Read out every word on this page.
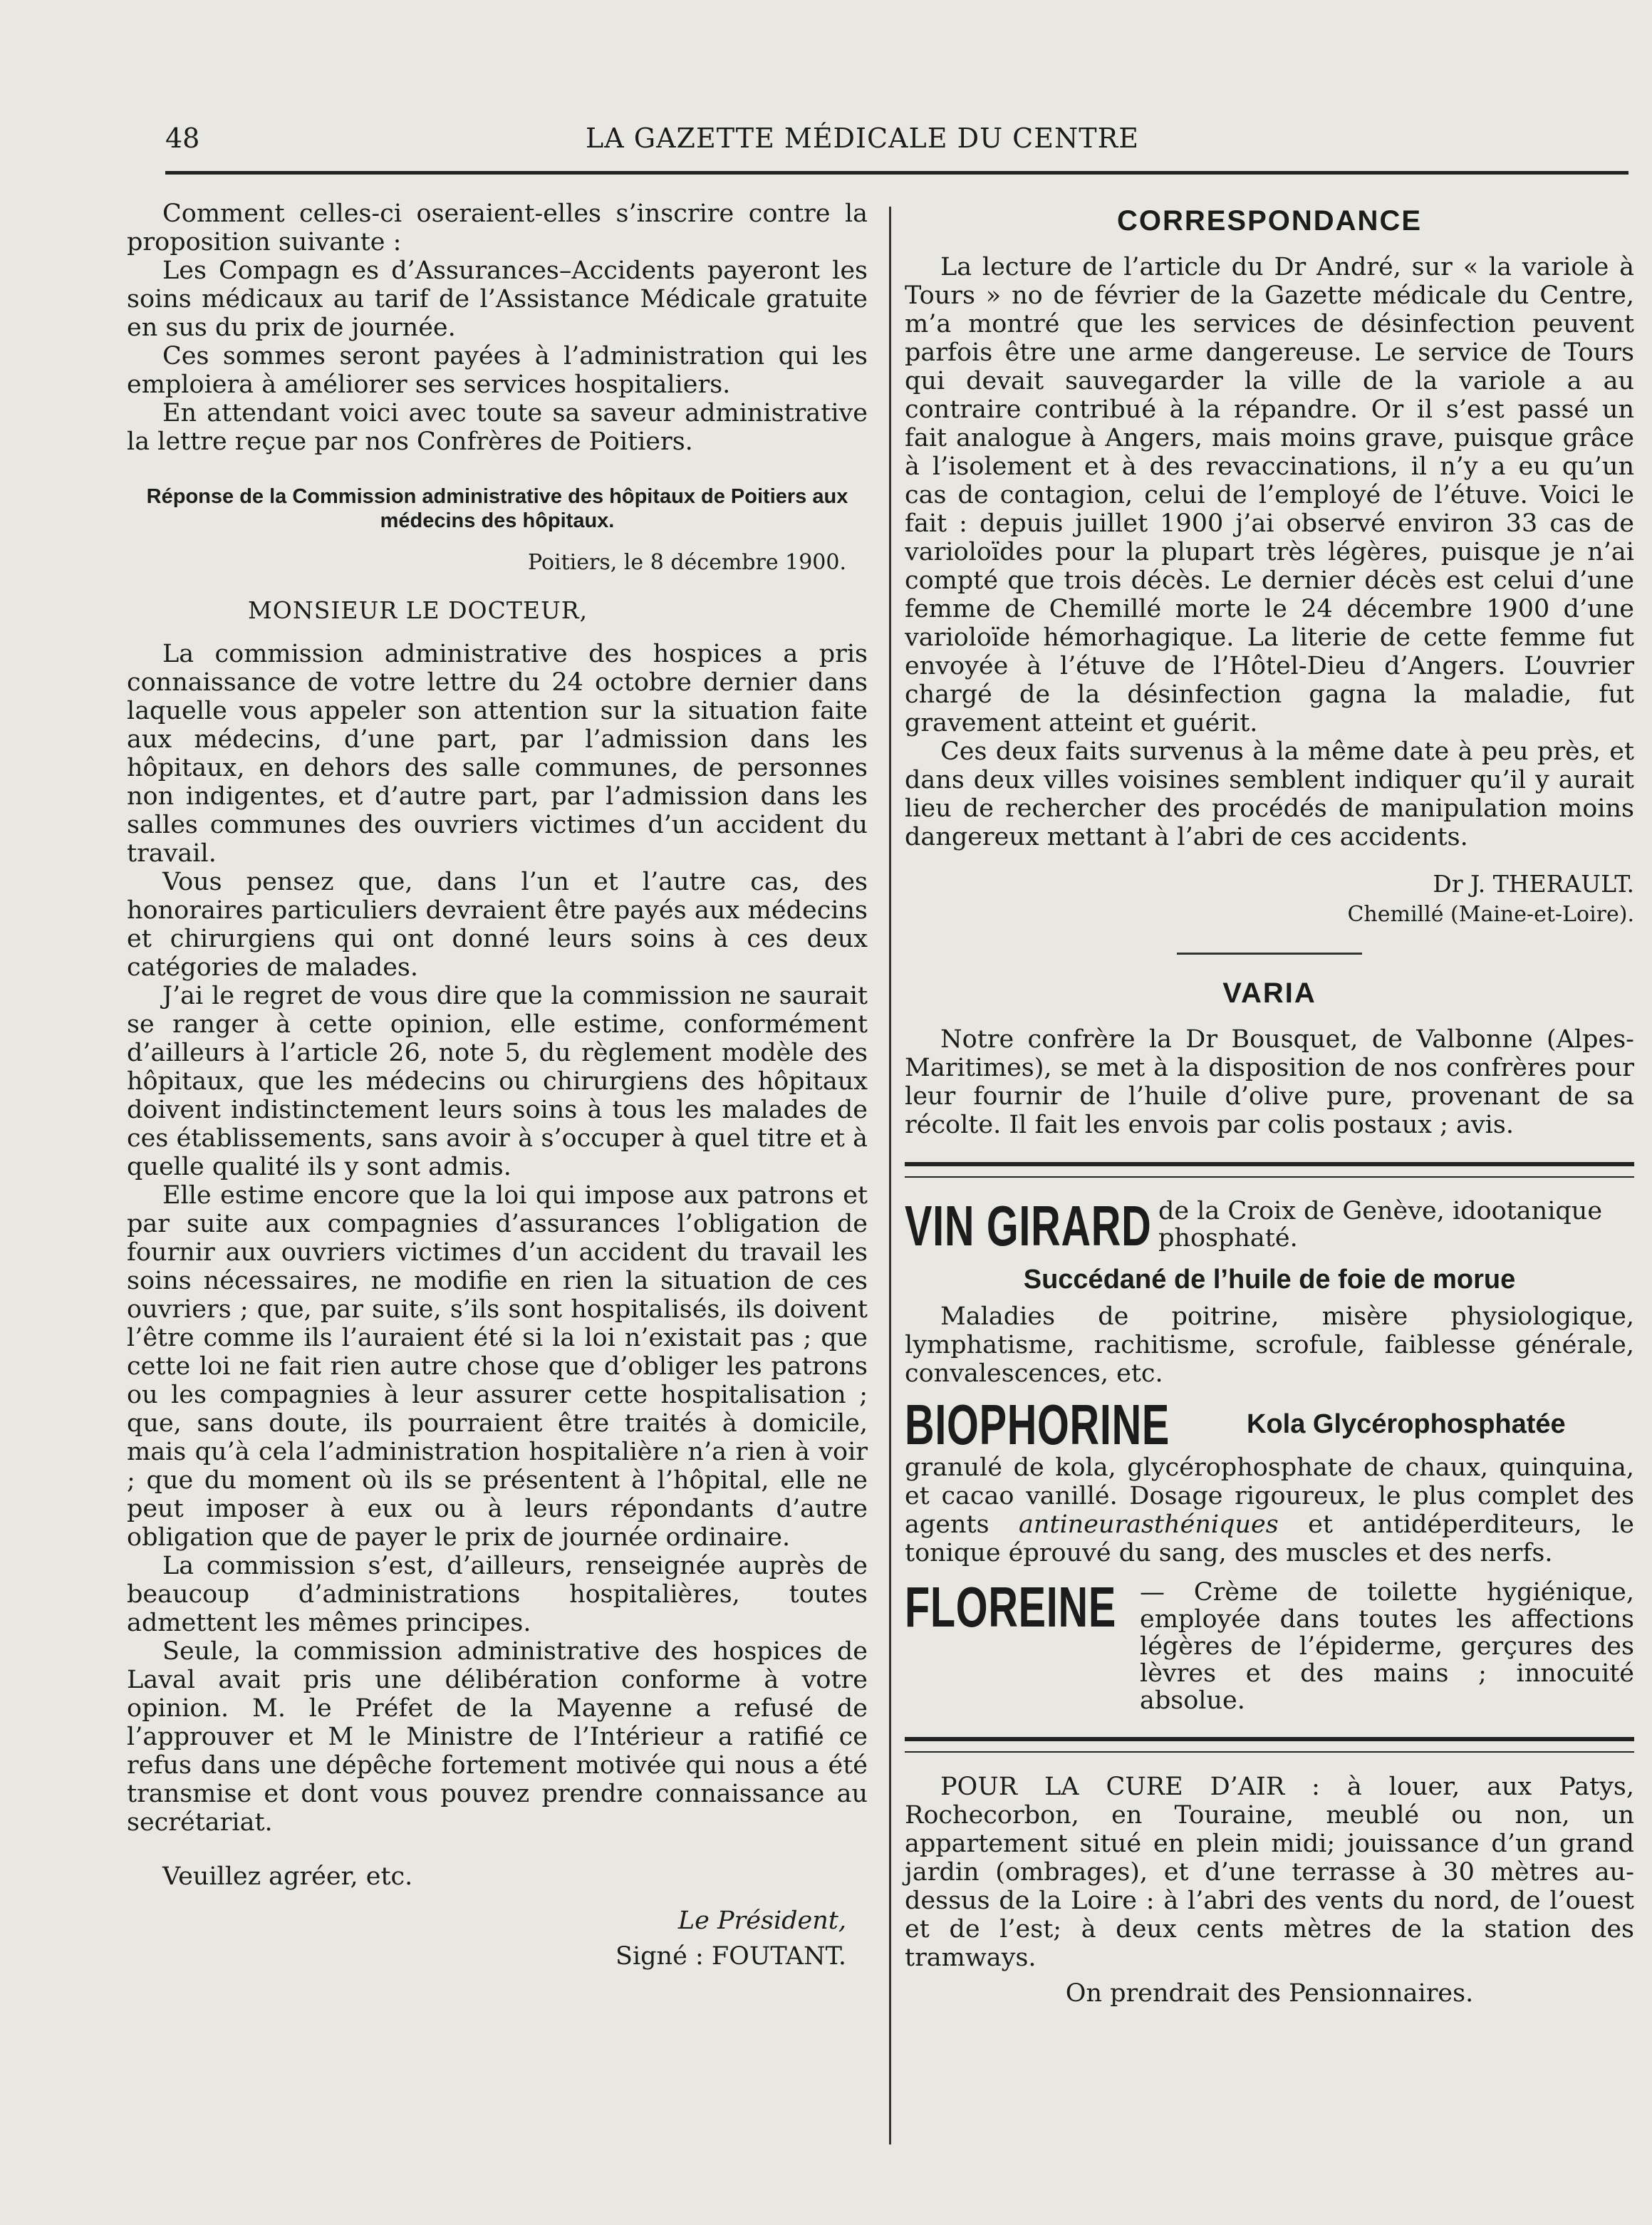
48	LA GAZETTE MÉDICALE DU CENTRE

Comment celles-ci oseraient-elles s’inscrire contre la proposition suivante :

Les Compagn es d’Assurances–Accidents payeront les soins médicaux au tarif de l’Assistance Médicale gratuite en sus du prix de journée.

Ces sommes seront payées à l’administration qui les emploiera à améliorer ses services hospitaliers.

En attendant voici avec toute sa saveur administrative la lettre reçue par nos Confrères de Poitiers.

Réponse de la Commission administrative des hôpitaux de Poitiers aux médecins des hôpitaux.
Poitiers, le 8 décembre 1900.
MONSIEUR LE DOCTEUR,

La commission administrative des hospices a pris connaissance de votre lettre du 24 octobre dernier dans laquelle vous appeler son attention sur la situation faite aux médecins, d’une part, par l’admission dans les hôpitaux, en dehors des salle communes, de personnes non indigentes, et d’autre part, par l’admission dans les salles communes des ouvriers victimes d’un accident du travail.

Vous pensez que, dans l’un et l’autre cas, des honoraires particuliers devraient être payés aux médecins et chirurgiens qui ont donné leurs soins à ces deux catégories de malades.

J’ai le regret de vous dire que la commission ne saurait se ranger à cette opinion, elle estime, conformément d’ailleurs à l’article 26, note 5, du règlement modèle des hôpitaux, que les médecins ou chirurgiens des hôpitaux doivent indistinctement leurs soins à tous les malades de ces établissements, sans avoir à s’occuper à quel titre et à quelle qualité ils y sont admis.

Elle estime encore que la loi qui impose aux patrons et par suite aux compagnies d’assurances l’obligation de fournir aux ouvriers victimes d’un accident du travail les soins nécessaires, ne modifie en rien la situation de ces ouvriers ; que, par suite, s’ils sont hospitalisés, ils doivent l’être comme ils l’auraient été si la loi n’existait pas ; que cette loi ne fait rien autre chose que d’obliger les patrons ou les compagnies à leur assurer cette hospitalisation ; que, sans doute, ils pourraient être traités à domicile, mais qu’à cela l’administration hospitalière n’a rien à voir ; que du moment où ils se présentent à l’hôpital, elle ne peut imposer à eux ou à leurs répondants d’autre obligation que de payer le prix de journée ordinaire.

La commission s’est, d’ailleurs, renseignée auprès de beaucoup d’administrations hospitalières, toutes admettent les mêmes principes.

Seule, la commission administrative des hospices de Laval avait pris une délibération conforme à votre opinion. M. le Préfet de la Mayenne a refusé de l’approuver et M le Ministre de l’Intérieur a ratifié ce refus dans une dépêche fortement motivée qui nous a été transmise et dont vous pouvez prendre connaissance au secrétariat.

Veuillez agréer, etc.

Le Président,

Signé : FOUTANT.

CORRESPONDANCE

La lecture de l’article du Dr André, sur « la variole à Tours » no de février de la Gazette médicale du Centre, m’a montré que les services de désinfection peuvent parfois être une arme dangereuse. Le service de Tours qui devait sauvegarder la ville de la variole a au contraire contribué à la répandre. Or il s’est passé un fait analogue à Angers, mais moins grave, puisque grâce à l’isolement et à des revaccinations, il n’y a eu qu’un cas de contagion, celui de l’employé de l’étuve. Voici le fait : depuis juillet 1900 j’ai observé environ 33 cas de varioloïdes pour la plupart très légères, puisque je n’ai compté que trois décès. Le dernier décès est celui d’une femme de Chemillé morte le 24 décembre 1900 d’une varioloïde hémorhagique. La literie de cette femme fut envoyée à l’étuve de l’Hôtel-Dieu d’Angers. L’ouvrier chargé de la désinfection gagna la maladie, fut gravement atteint et guérit.

Ces deux faits survenus à la même date à peu près, et dans deux villes voisines semblent indiquer qu’il y aurait lieu de rechercher des procédés de manipulation moins dangereux mettant à l’abri de ces accidents.

Dr J. THERAULT.
Chemillé (Maine-et-Loire).
VARIA

Notre confrère la Dr Bousquet, de Valbonne (Alpes-Maritimes), se met à la disposition de nos confrères pour leur fournir de l’huile d’olive pure, provenant de sa récolte. Il fait les envois par colis postaux ; avis.

VIN GIRARD de la Croix de Genève, idootanique phosphaté.
Succédané de l’huile de foie de morue

Maladies de poitrine, misère physiologique, lymphatisme, rachitisme, scrofule, faiblesse générale, convalescences, etc.

BIOPHORINE	Kola Glycérophosphatée

granulé de kola, glycérophosphate de chaux, quinquina, et cacao vanillé. Dosage rigoureux, le plus complet des agents antineurasthéniques et antidéperditeurs, le tonique éprouvé du sang, des muscles et des nerfs.

FLOREINE — Crème de toilette hygiénique, employée dans toutes les affections légères de l’épiderme, gerçures des lèvres et des mains ; innocuité absolue.

POUR LA CURE D’AIR : à louer, aux Patys, Rochecorbon, en Touraine, meublé ou non, un appartement situé en plein midi; jouissance d’un grand jardin (ombrages), et d’une terrasse à 30 mètres au-dessus de la Loire : à l’abri des vents du nord, de l’ouest et de l’est; à deux cents mètres de la station des tramways.

On prendrait des Pensionnaires.
